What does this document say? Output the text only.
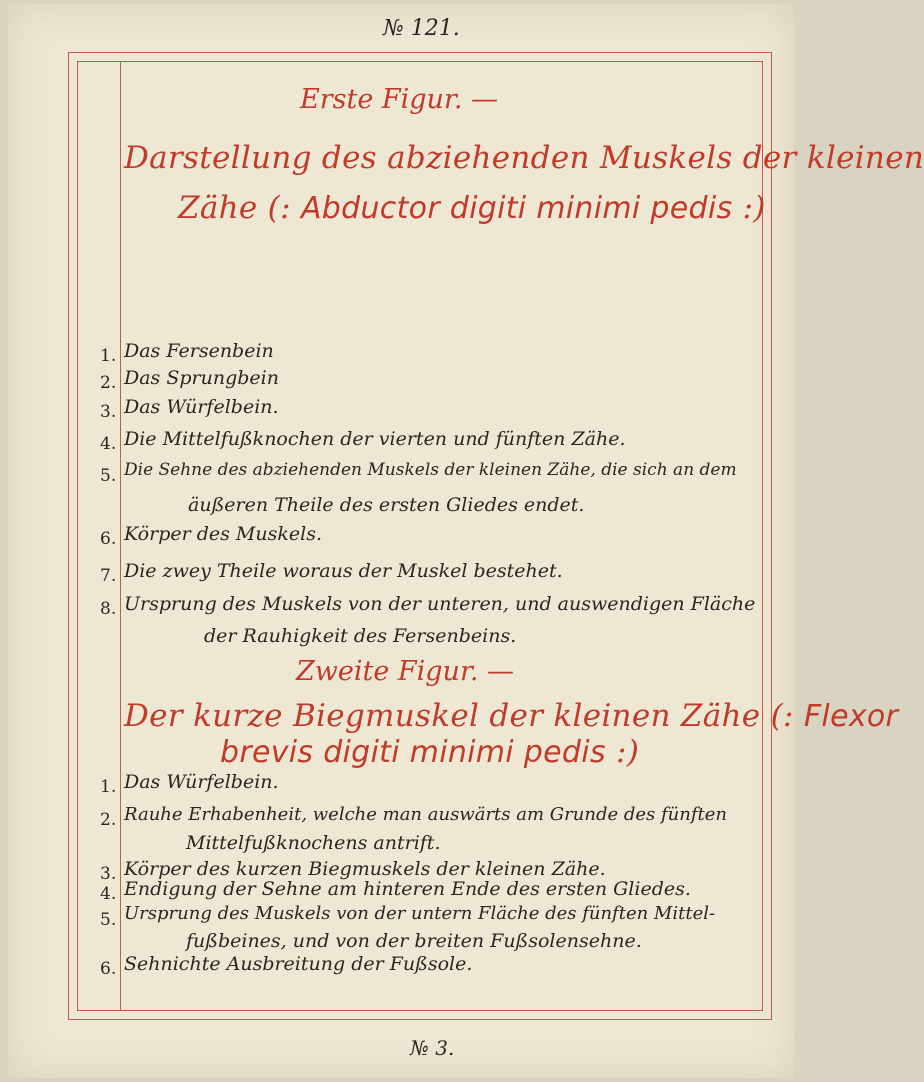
№ 121.
Erste Figur. —
Darstellung des abziehenden Muskels der kleinen
Zähe (: Abductor digiti minimi pedis :)
1. Das Fersenbein
2. Das Sprungbein
3. Das Würfelbein.
4. Die Mittelfußknochen der vierten und fünften Zähe.
5. Die Sehne des abziehenden Muskels der kleinen Zähe, die sich an dem
äußeren Theile des ersten Gliedes endet.
6. Körper des Muskels.
7. Die zwey Theile woraus der Muskel bestehet.
8. Ursprung des Muskels von der unteren, und auswendigen Fläche
der Rauhigkeit des Fersenbeins.
Zweite Figur. —
Der kurze Biegmuskel der kleinen Zähe (: Flexor
brevis digiti minimi pedis :)
1. Das Würfelbein.
2. Rauhe Erhabenheit, welche man auswärts am Grunde des fünften
Mittelfußknochens antrift.
3. Körper des kurzen Biegmuskels der kleinen Zähe.
4. Endigung der Sehne am hinteren Ende des ersten Gliedes.
5. Ursprung des Muskels von der untern Fläche des fünften Mittel-
fußbeines, und von der breiten Fußsolensehne.
6. Sehnichte Ausbreitung der Fußsole.
№ 3.
